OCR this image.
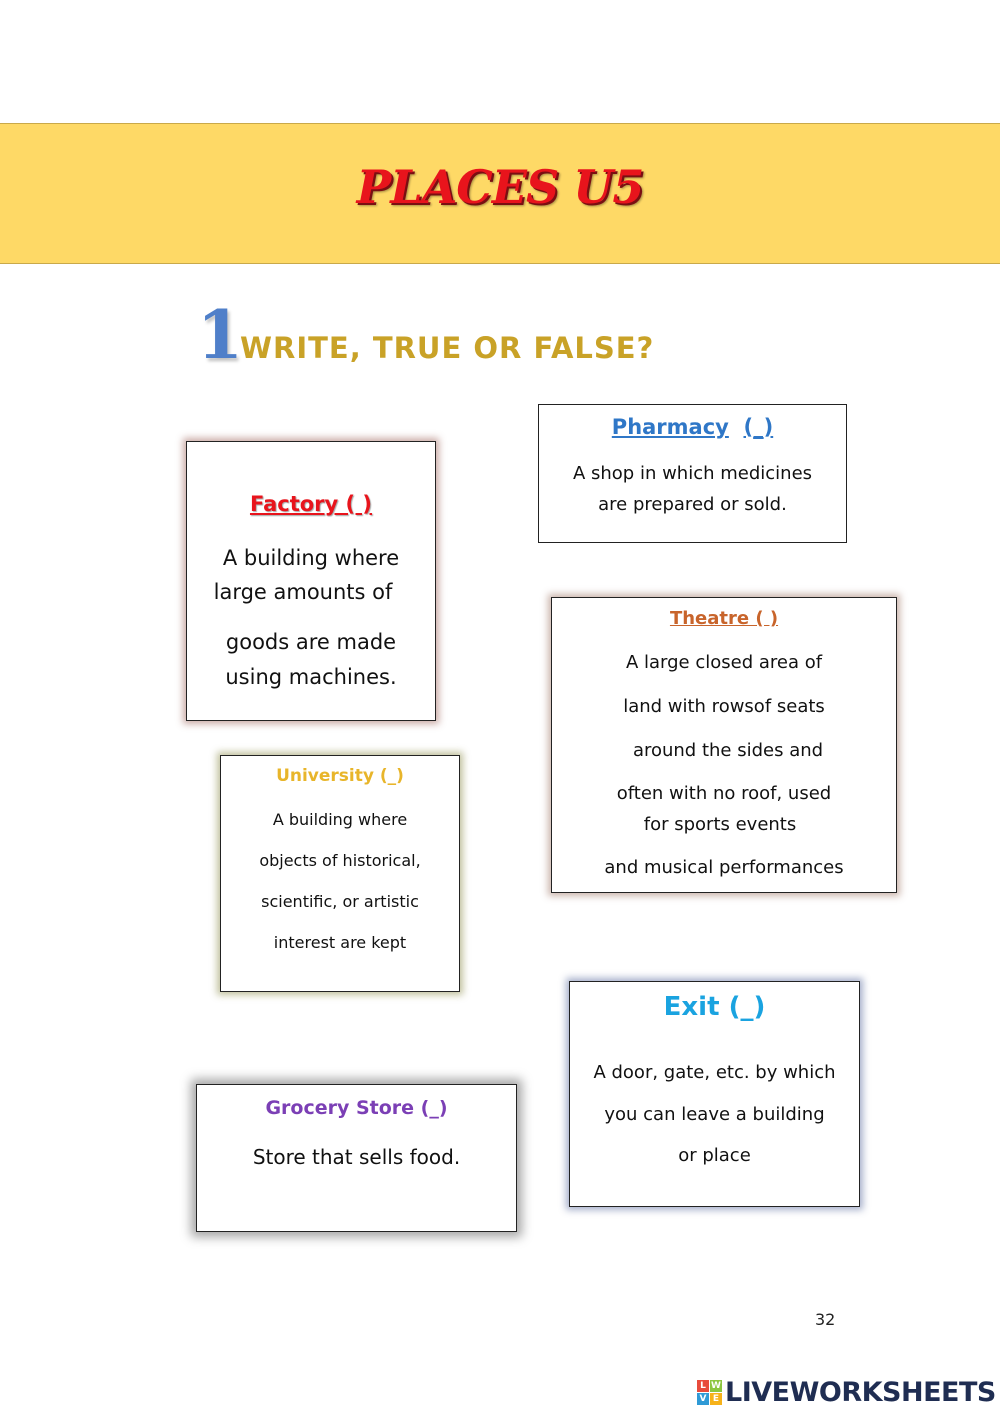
PLACES U5
1
WRITE, TRUE OR FALSE?
Factory ( )
A building where
large amounts of
goods are made
using machines.
Pharmacy (_)
A shop in which medicines
are prepared or sold.
Theatre ( )
A large closed area of
land with rowsof seats
around the sides and
often with no roof, used
for sports events
and musical performances
University (_)
A building where
objects of historical,
scientific, or artistic
interest are kept
Exit (_)
A door, gate, etc. by which
you can leave a building
or place
Grocery Store (_)
Store that sells food.
32
L W
V E LIVEWORKSHEETS
